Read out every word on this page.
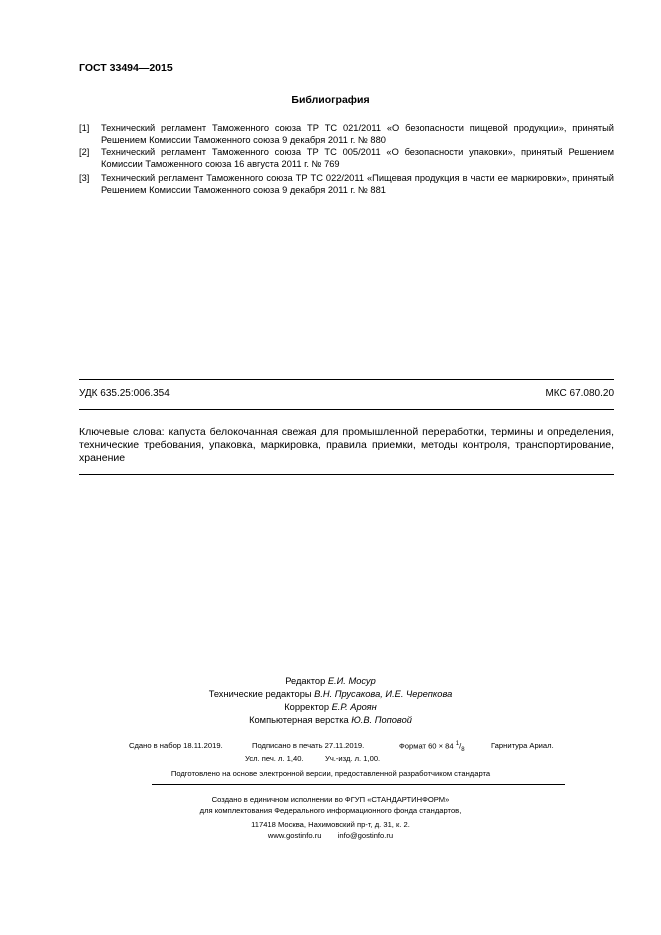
ГОСТ 33494—2015
Библиография
[1] Технический регламент Таможенного союза ТР ТС 021/2011 «О безопасности пищевой продукции», принятый Решением Комиссии Таможенного союза 9 декабря 2011 г. № 880
[2] Технический регламент Таможенного союза ТР ТС 005/2011 «О безопасности упаковки», принятый Решением Комиссии Таможенного союза 16 августа 2011 г. № 769
[3] Технический регламент Таможенного союза ТР ТС 022/2011 «Пищевая продукция в части ее маркировки», принятый Решением Комиссии Таможенного союза 9 декабря 2011 г. № 881
УДК 635.25:006.354	МКС 67.080.20
Ключевые слова: капуста белокочанная свежая для промышленной переработки, термины и определения, технические требования, упаковка, маркировка, правила приемки, методы контроля, транспортирование, хранение
Редактор Е.И. Мосур
Технические редакторы В.Н. Прусакова, И.Е. Черепкова
Корректор Е.Р. Ароян
Компьютерная верстка Ю.В. Поповой
Сдано в набор 18.11.2019.	Подписано в печать 27.11.2019.	Формат 60 × 84 $^1/_8$
Гарнитура Ариал.
Усл. печ. л. 1,40.	Уч.-изд. л. 1,00.
Подготовлено на основе электронной версии, предоставленной разработчиком стандарта
Создано в единичном исполнении во ФГУП «СТАНДАРТИНФОРМ»
для комплектования Федерального информационного фонда стандартов,
117418 Москва, Нахимовский пр-т, д. 31, к. 2.
www.gostinfo.ru info@gostinfo.ru
